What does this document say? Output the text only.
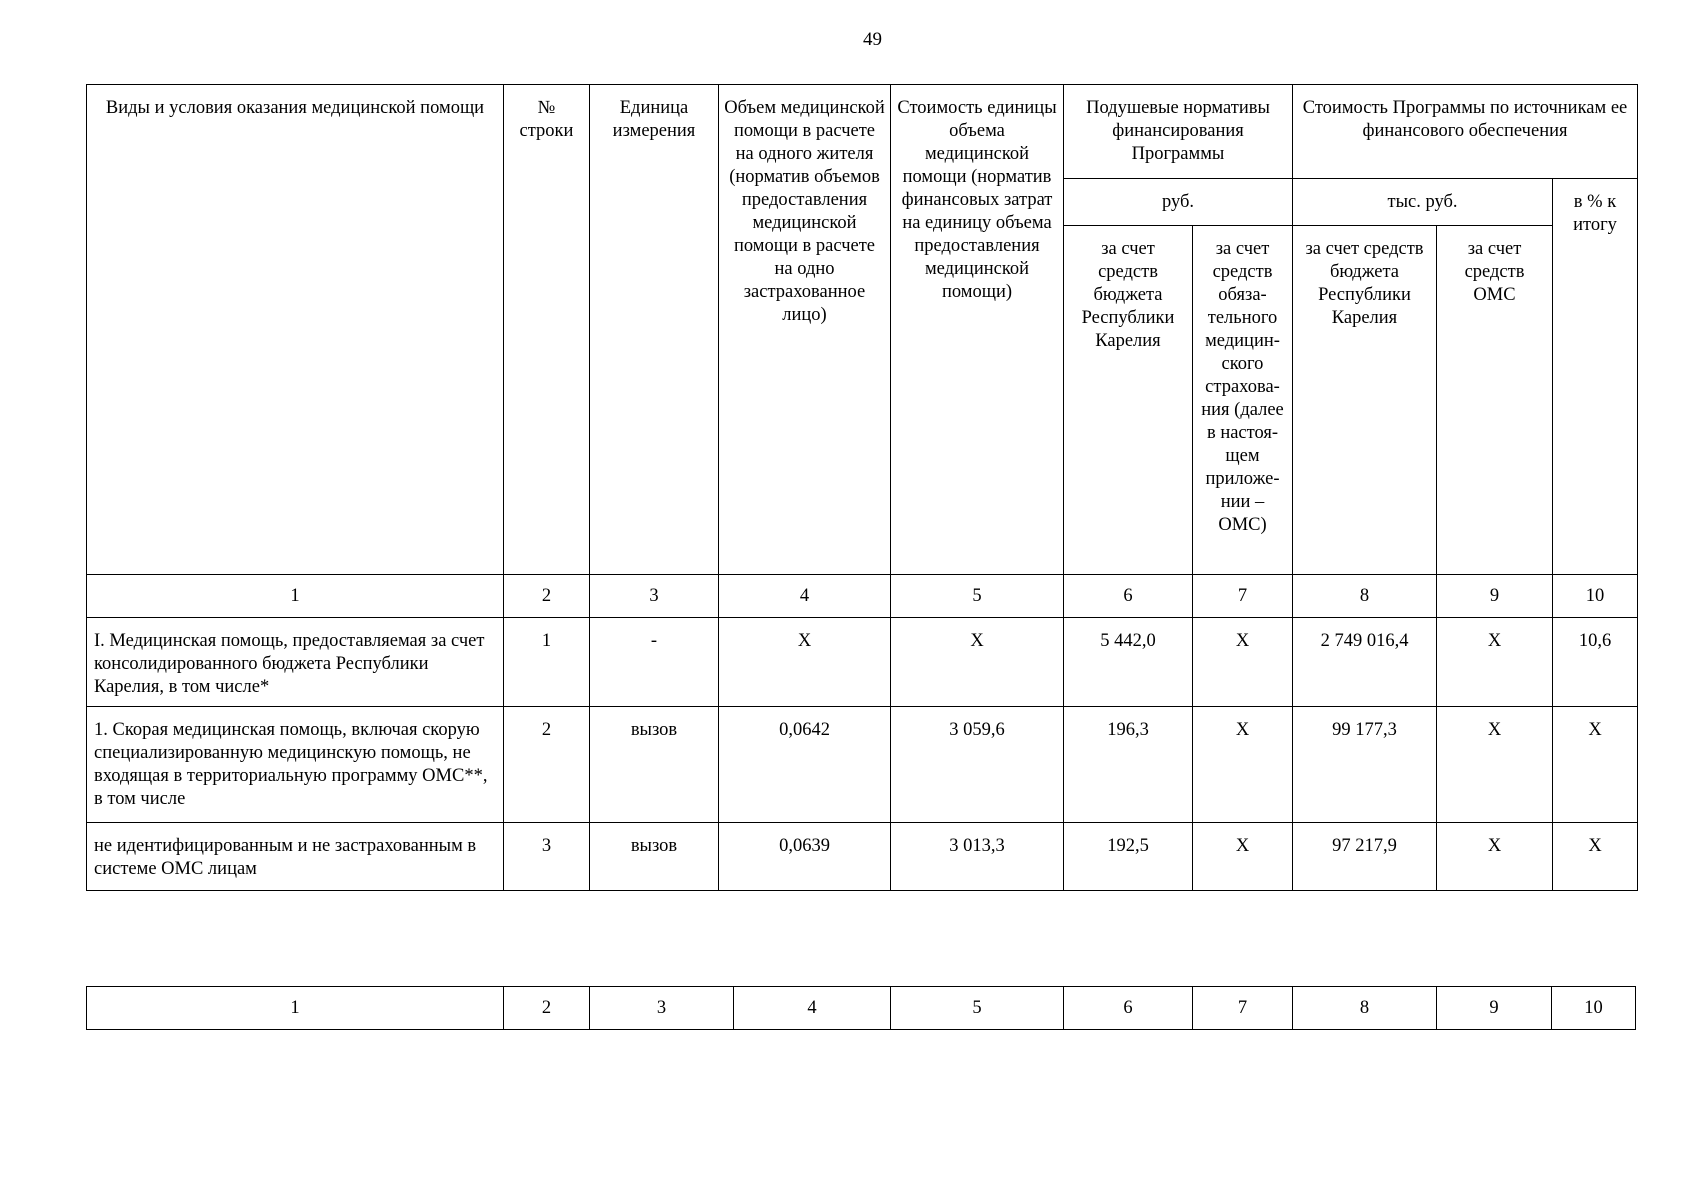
49
Виды и условия оказания медицинской помощи	№ строки	Единица измерения	Объем медицинской помощи в расчете на одного жителя (норматив объемов предоставления медицинской помощи в расчете на одно застрахованное лицо)	Стоимость единицы объема медицинской помощи (норматив финансовых затрат на единицу объема предоставления медицинской помощи)	Подушевые нормативы финансирования Программы		Стоимость Программы по источникам ее финансового обеспечения		
					руб.		тыс. руб.		в % к итогу
					за счет средств бюджета Республики Карелия	за счет средств обяза-тельного медицин-ского страхова-ния (далее в настоя-щем приложе-нии – ОМС)	за счет средств бюджета Республики Карелия	за счет средств ОМС	
1	2	3	4	5	6	7	8	9	10
I. Медицинская помощь, предоставляемая за счет консолидированного бюджета Республики Карелия, в том числе*	1	-	Х	Х	5 442,0	Х	2 749 016,4	Х	10,6
1. Скорая медицинская помощь, включая скорую специализированную медицинскую помощь, не входящая в территориальную программу ОМС**, в том числе	2	вызов	0,0642	3 059,6	196,3	Х	99 177,3	Х	Х
не идентифицированным и не застрахованным в системе ОМС лицам	3	вызов	0,0639	3 013,3	192,5	Х	97 217,9	Х	Х
1	2	3	4	5	6	7	8	9	10
